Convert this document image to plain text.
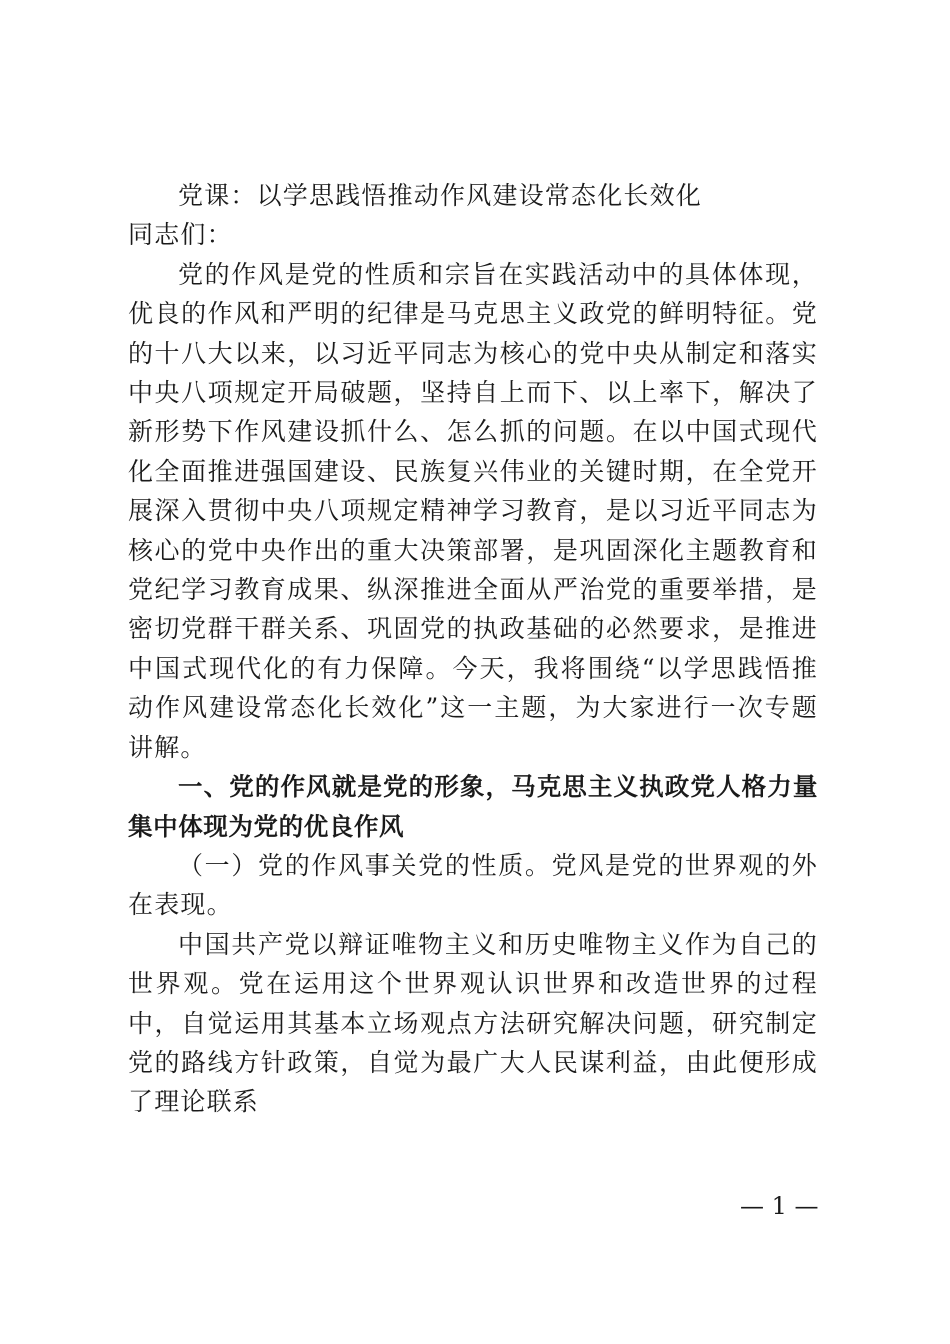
党课：以学思践悟推动作风建设常态化长效化

同志们：

党的作风是党的性质和宗旨在实践活动中的具体体现，优良的作风和严明的纪律是马克思主义政党的鲜明特征。党的十八大以来，以习近平同志为核心的党中央从制定和落实中央八项规定开局破题，坚持自上而下、以上率下，解决了新形势下作风建设抓什么、怎么抓的问题。在以中国式现代化全面推进强国建设、民族复兴伟业的关键时期，在全党开展深入贯彻中央八项规定精神学习教育，是以习近平同志为核心的党中央作出的重大决策部署，是巩固深化主题教育和党纪学习教育成果、纵深推进全面从严治党的重要举措，是密切党群干群关系、巩固党的执政基础的必然要求，是推进中国式现代化的有力保障。今天，我将围绕“以学思践悟推动作风建设常态化长效化”这一主题，为大家进行一次专题讲解。

一、党的作风就是党的形象，马克思主义执政党人格力量集中体现为党的优良作风

（一）党的作风事关党的性质。党风是党的世界观的外在表现。

中国共产党以辩证唯物主义和历史唯物主义作为自己的世界观。党在运用这个世界观认识世界和改造世界的过程中，自觉运用其基本立场观点方法研究解决问题，研究制定党的路线方针政策，自觉为最广大人民谋利益，由此便形成了理论联系

— 1 —
